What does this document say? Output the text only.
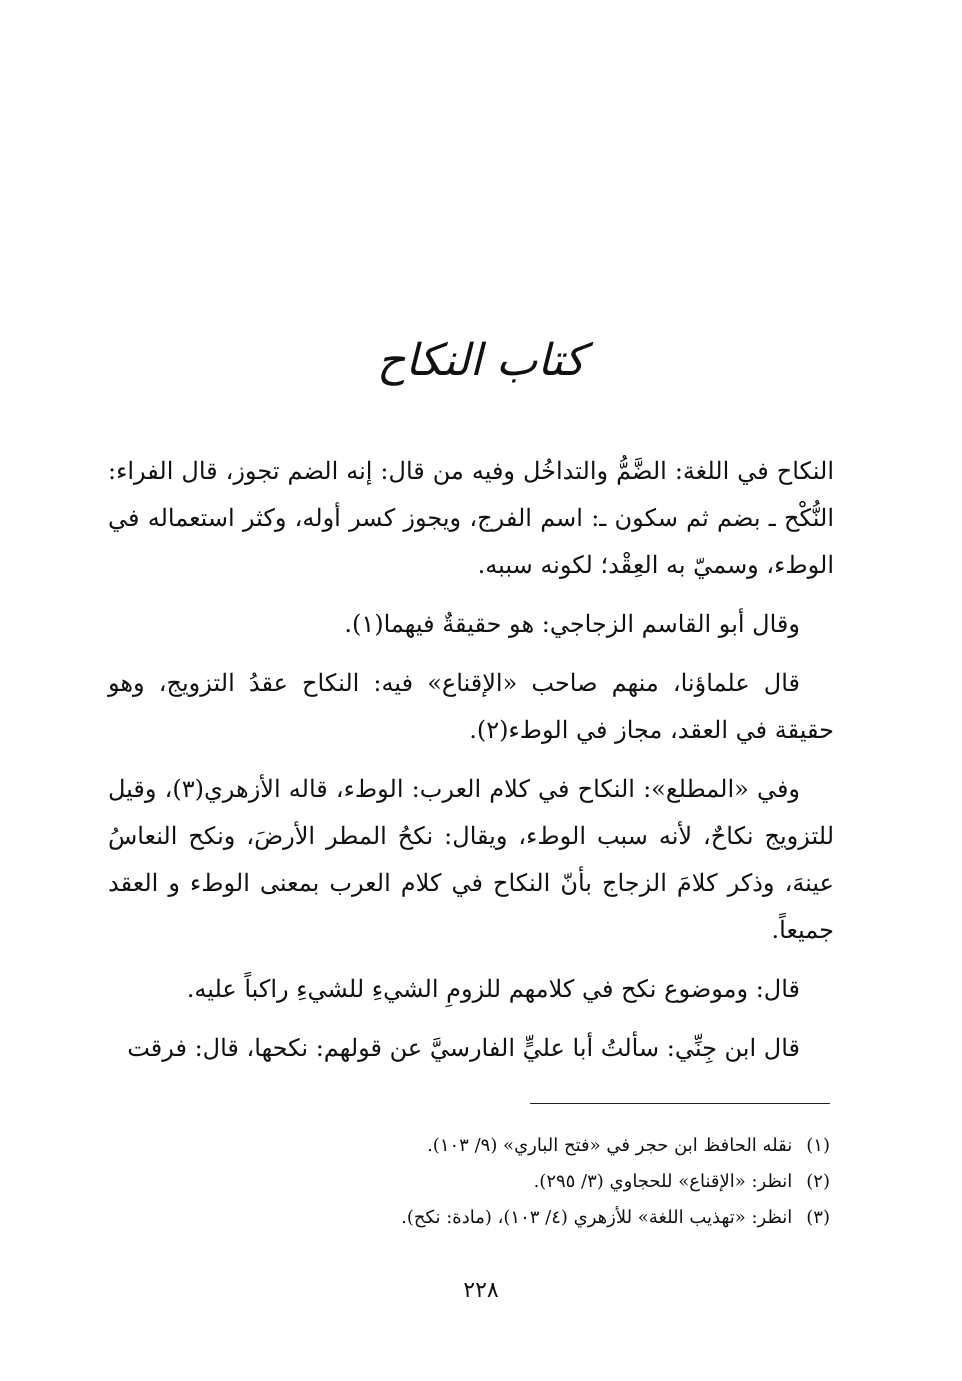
كتاب النكاح

النكاح في اللغة: الضَّمُّ والتداخُل وفيه من قال: إنه الضم تجوز، قال الفراء: النُّكْح ـ بضم ثم سكون ـ: اسم الفرج، ويجوز كسر أوله، وكثر استعماله في الوطء، وسميّ به العِقْد؛ لكونه سببه.

وقال أبو القاسم الزجاجي: هو حقيقةٌ فيهما(١).

قال علماؤنا، منهم صاحب «الإقناع» فيه: النكاح عقدُ التزويج، وهو حقيقة في العقد، مجاز في الوطء(٢).

وفي «المطلع»: النكاح في كلام العرب: الوطء، قاله الأزهري(٣)، وقيل للتزويج نكاحٌ، لأنه سبب الوطء، ويقال: نكحُ المطر الأرضَ، ونكح النعاسُ عينهَ، وذكر كلامَ الزجاج بأنّ النكاح في كلام العرب بمعنى الوطء و العقد جميعاً.

قال: وموضوع نكح في كلامهم للزومِ الشيءِ للشيءِ راكباً عليه.

قال ابن جِنِّي: سألتُ أبا عليٍّ الفارسيَّ عن قولهم: نكحها، قال: فرقت

(١)
نقله الحافظ ابن حجر في «فتح الباري» (٩/ ١٠٣).
(٢)
انظر: «الإقناع» للحجاوي (٣/ ٢٩٥).
(٣)
انظر: «تهذيب اللغة» للأزهري (٤/ ١٠٣)، (مادة: نكح).
٢٢٨
